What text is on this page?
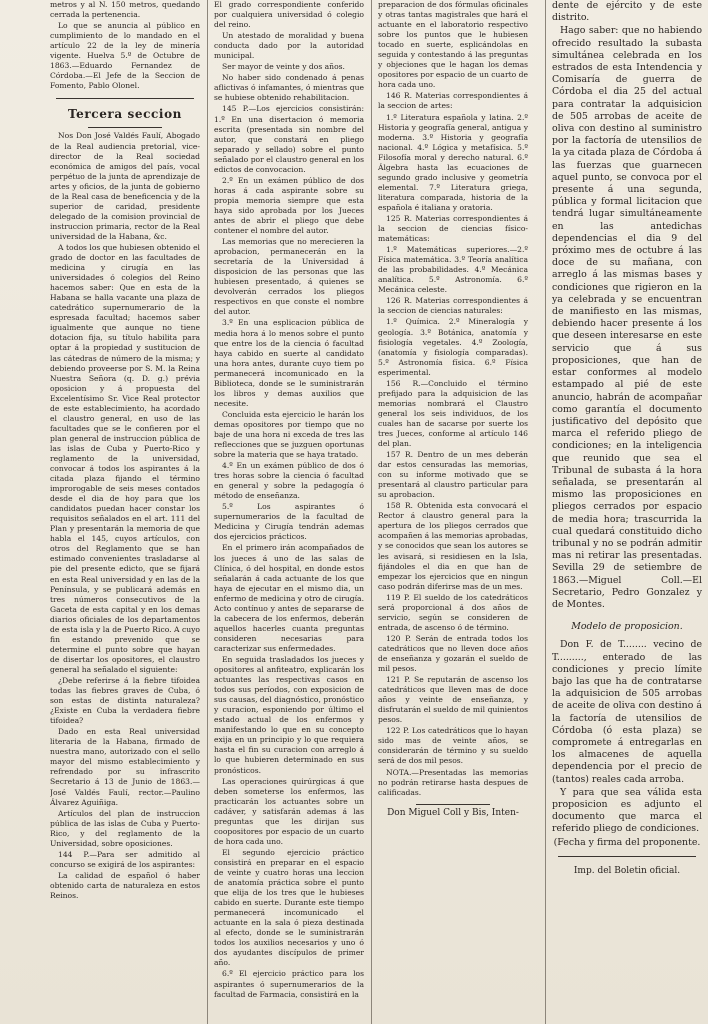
metros y al N. 150 metros, quedando cerrada la pertenencia.

Lo que se anuncia al público en cumplimiento de lo mandado en el artículo 22 de la ley de minería vigente. Huelva 5.º de Octubre de 1863.—Eduardo Fernandez de Córdoba.—El Jefe de la Seccion de Fomento, Pablo Olonel.

Tercera seccion

Nos Don José Valdés Faulí, Abogado de la Real audiencia pretorial, vice-director de la Real sociedad económica de amigos del país, vocal perpétuo de la junta de aprendizaje de artes y oficios, de la junta de gobierno de la Real casa de beneficencia y de la superior de caridad, presidente delegado de la comision provincial de instruccion primaria, rector de la Real universidad de la Habana, &c.

A todos los que hubiesen obtenido el grado de doctor en las facultades de medicina y cirugía en las universidades ó colegios del Reino hacemos saber: Que en esta de la Habana se halla vacante una plaza de catedrático supernumerario de la espresada facultad; hacemos saber igualmente que aunque no tiene dotacion fija, su título habilita para optar á la propiedad y sustitucion de las cátedras de número de la misma; y debiendo proveerse por S. M. la Reina Nuestra Señora (q. D. g.) prévia oposicion y á propuesta del Excelentísimo Sr. Vice Real protector de este establecimiento, ha acordado el claustro general, en uso de las facultades que se le confieren por el plan general de instruccion pública de las islas de Cuba y Puerto-Rico y reglamento de la universidad, convocar á todos los aspirantes á la citada plaza fijando el término improrogable de seis meses contados desde el dia de hoy para que los candidatos puedan hacer constar los requisitos señalados en el art. 111 del Plan y presentarán la memoria de que habla el 145, cuyos artículos, con otros del Reglamento que se han estimado convenientes trasladarse al pie del presente edicto, que se fijará en esta Real universidad y en las de la Península, y se publicará además en tres números consecutivos de la Gaceta de esta capital y en los demas diarios oficiales de los departamentos de esta isla y la de Puerto Rico. A cuyo fin estando prevenido que se determine el punto sobre que hayan de disertar los opositores, el claustro general ha señalado el siguiente:

¿Debe referirse á la fiebre tifoidea todas las fiebres graves de Cuba, ó son estas de distinta naturaleza? ¿Existe en Cuba la verdadera fiebre tifoidea?

Dado en esta Real universidad literaria de la Habana, firmado de nuestra mano, autorizado con el sello mayor del mismo establecimiento y refrendado por su infrascrito Secretario á 13 de Junio de 1863.—José Valdés Faulí, rector.—Paulino Álvarez Aguiñiga.

Artículos del plan de instruccion pública de las islas de Cuba y Puerto-Rico, y del reglamento de la Universidad, sobre oposiciones.

144 P.—Para ser admitido al concurso se exigirá de los aspirantes:

La calidad de español ó haber obtenido carta de naturaleza en estos Reinos.

El grado correspondiente conferido por cualquiera universidad ó colegio del reino.

Un atestado de moralidad y buena conducta dado por la autoridad municipal.

Ser mayor de veinte y dos años.

No haber sido condenado á penas aflictivas ó infamantes, ó mientras que se hubiese obtenido rehabilitacion.

145 P.—Los ejercicios consistirán: 1.º En una disertacion ó memoria escrita (presentada sin nombre del autor, que constará en pliego separado y sellado) sobre el punto señalado por el claustro general en los edictos de convocacion.

2.º En un exámen público de dos horas á cada aspirante sobre su propia memoria siempre que esta haya sido aprobada por los Jueces antes de abrir el pliego que debe contener el nombre del autor.

Las memorias que no merecieren la aprobacion, permanecerán en la secretaría de la Universidad á disposicion de las personas que las hubiesen presentado, á quienes se devolverán cerrados los pliegos respectivos en que conste el nombre del autor.

3.º En una esplicacion pública de media hora á lo menos sobre el punto que entre los de la ciencia ó facultad haya cabido en suerte al candidato una hora antes, durante cuyo tiem po permanecerá incomunicado en la Biblioteca, donde se le suministrarán los libros y demas auxilios que necesite.

Concluida esta ejercicio le harán los demas opositores por tiempo que no baje de una hora ni exceda de tres las reflecciones que se juzguen oportunas sobre la materia que se haya tratado.

4.º En un exámen público de dos ó tres horas sobre la ciencia ó facultad en general y sobre la pedagogía ó método de enseñanza.

5.º Los aspirantes ó supernumerarios de la facultad de Medicina y Cirugía tendrán ademas dos ejercicios prácticos.

En el primero irán acompañados de los jueces á uno de las salas de Clínica, ó del hospital, en donde estos señalarán á cada actuante de los que haya de ejecutar en el mismo dia, un enfermo de medicina y otro de cirugía. Acto contínuo y antes de separarse de la cabecera de los enfermos, deberán aquellos hacerles cuanta preguntas consideren necesarias para caracterizar sus enfermedades.

En seguida trasladados los jueces y opositores al anfiteatro, explicarán los actuantes las respectivas casos en todos sus períodos, con exposicion de sus causas, del diagnóstico, pronóstico y curacion, esponiendo por último el estado actual de los enfermos y manifestando lo que en su concepto exija en un principio y lo que requiera hasta el fin su curacion con arreglo á lo que hubieren determinado en sus pronósticos.

Las operaciones quirúrgicas á que deben someterse los enfermos, las practicarán los actuantes sobre un cadáver, y satisfarán ademas á las preguntas que les dirijan sus coopositores por espacio de un cuarto de hora cada uno.

El segundo ejercicio práctico consistirá en preparar en el espacio de veinte y cuatro horas una leccion de anatomía práctica sobre el punto que elija de los tres que le hubieses cabido en suerte. Durante este tiempo permanecerá incomunicado el actuante en la sala ó pieza destinada al efecto, donde se le suministrarán todos los auxilios necesarios y uno ó dos ayudantes discípulos de primer año.

6.º El ejercicio práctico para los aspirantes ó supernumerarios de la facultad de Farmacia, consistirá en la

preparacion de dos fórmulas oficinales y otras tantas magistrales que hará el actuante en el laboratorio respectivo sobre los puntos que le hubiesen tocado en suerte, esplicándolas en seguida y contestando á las preguntas y objeciones que le hagan los demas opositores por espacio de un cuarto de hora cada uno.

146 R. Materias correspondientes á la seccion de artes:

1.º Literatura española y latina. 2.º Historia y geografía general, antigua y moderna. 3.º Historia y geografía nacional. 4.º Lógica y metafísica. 5.º Filosofía moral y derecho natural. 6.º Álgebra hasta las ecuaciones de segundo grado inclusive y geometría elemental. 7.º Literatura griega, literatura comparada, historia de la española é italiana y oratoria.

125 R. Materias correspondientes á la seccion de ciencias físico-matemáticas:

1.º Matemáticas superiores.—2.º Física matemática. 3.º Teoría analítica de las probabilidades. 4.º Mecánica analítica. 5.º Astronomía. 6.º Mecánica celeste.

126 R. Materias correspondientes á la seccion de ciencias naturales:

1.º Química. 2.º Mineralogía y geología. 3.º Botánica, anatomía y fisiología vegetales. 4.º Zoología, (anatomía y fisiología comparadas). 5.º Astronomía física. 6.º Física esperimental.

156 R.—Concluido el término prefijado para la adquisicion de las memorias nombrará el Claustro general los seis individuos, de los cuales han de sacarse por suerte los tres Jueces, conforme al artículo 146 del plan.

157 R. Dentro de un mes deberán dar estos censuradas las memorias, con su informe motivado que se presentará al claustro particular para su aprobacion.

158 R. Obtenida esta convocará el Rector á claustro general para la apertura de los pliegos cerrados que acompañen á las memorias aprobadas, y se conocidos que sean los autores se les avisará, si residiesen en la Isla, fijándoles el dia en que han de empezar los ejercicios que en ningun caso podrán diferirse mas de un mes.

119 P. El sueldo de los catedráticos será proporcional á dos años de servicio, según se consideren de entrada, de ascenso ó de término.

120 P. Serán de entrada todos los catedráticos que no lleven doce años de enseñanza y gozarán el sueldo de mil pesos.

121 P. Se reputarán de ascenso los catedráticos que lleven mas de doce años y veinte de enseñanza, y disfrutarán el sueldo de mil quinientos pesos.

122 P. Los catedráticos que lo hayan sido mas de veinte años, se considerarán de término y su sueldo será de dos mil pesos.

NOTA.—Presentadas las memorias no podrán retirarse hasta despues de calificadas.

Don Miguel Coll y Bis, Inten-

dente de ejército y de este distrito.

Hago saber: que no habiendo ofrecido resultado la subasta simultánea celebrada en los estrados de esta Intendencia y Comisaría de guerra de Córdoba el dia 25 del actual para contratar la adquisicion de 505 arrobas de aceite de oliva con destino al suministro por la factoría de utensilios de la ya citada plaza de Córdoba á las fuerzas que guarnecen aquel punto, se convoca por el presente á una segunda, pública y formal licitacion que tendrá lugar simultáneamente en las antedichas dependencias el dia 9 del próximo mes de octubre á las doce de su mañana, con arreglo á las mismas bases y condiciones que rigieron en la ya celebrada y se encuentran de manifiesto en las mismas, debiendo hacer presente á los que deseen interesarse en este servicio que á sus proposiciones, que han de estar conformes al modelo estampado al pié de este anuncio, habrán de acompañar como garantía el documento justificativo del depósito que marca el referido pliego de condiciones; en la inteligencia que reunido que sea el Tribunal de subasta á la hora señalada, se presentarán al mismo las proposiciones en pliegos cerrados por espacio de media hora; trascurrida la cual quedará constituido dicho tribunal y no se podrán admitir mas ni retirar las presentadas. Sevilla 29 de setiembre de 1863.—Miguel Coll.—El Secretario, Pedro Gonzalez y de Montes.

Modelo de proposicion.

Don F. de T........ vecino de T........., enterado de las condiciones y precio límite bajo las que ha de contratarse la adquisicion de 505 arrobas de aceite de oliva con destino á la factoría de utensilios de Córdoba (ó esta plaza) se compromete á entregarlas en los almacenes de aquella dependencia por el precio de (tantos) reales cada arroba.

Y para que sea válida esta proposicion es adjunto el documento que marca el referido pliego de condiciones.

(Fecha y firma del proponente.

Imp. del Boletin oficial.
